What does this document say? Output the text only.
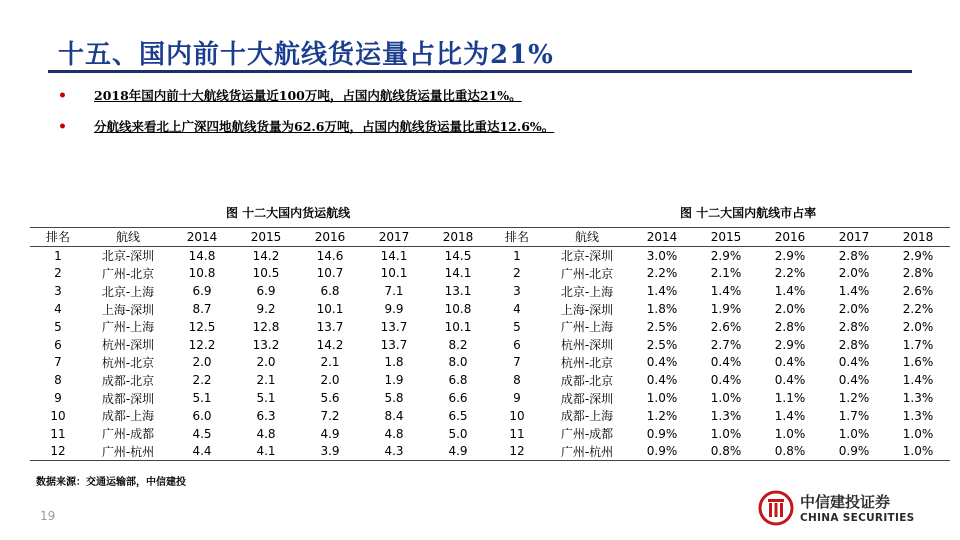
十五、国内前十大航线货运量占比为21%
• 2018年国内前十大航线货运量近100万吨，占国内航线货运量比重达21%。
• 分航线来看北上广深四地航线货量为62.6万吨，占国内航线货运量比重达12.6%。
图 十二大国内货运航线	图 十二大国内航线市占率
排名	航线	2014	2015	2016	2017	2018
1	北京-深圳	14.8	14.2	14.6	14.1	14.5
2	广州-北京	10.8	10.5	10.7	10.1	14.1
3	北京-上海	6.9	6.9	6.8	7.1	13.1
4	上海-深圳	8.7	9.2	10.1	9.9	10.8
5	广州-上海	12.5	12.8	13.7	13.7	10.1
6	杭州-深圳	12.2	13.2	14.2	13.7	8.2
7	杭州-北京	2.0	2.0	2.1	1.8	8.0
8	成都-北京	2.2	2.1	2.0	1.9	6.8
9	成都-深圳	5.1	5.1	5.6	5.8	6.6
10	成都-上海	6.0	6.3	7.2	8.4	6.5
11	广州-成都	4.5	4.8	4.9	4.8	5.0
12	广州-杭州	4.4	4.1	3.9	4.3	4.9
排名	航线	2014	2015	2016	2017	2018
1	北京-深圳	3.0%	2.9%	2.9%	2.8%	2.9%
2	广州-北京	2.2%	2.1%	2.2%	2.0%	2.8%
3	北京-上海	1.4%	1.4%	1.4%	1.4%	2.6%
4	上海-深圳	1.8%	1.9%	2.0%	2.0%	2.2%
5	广州-上海	2.5%	2.6%	2.8%	2.8%	2.0%
6	杭州-深圳	2.5%	2.7%	2.9%	2.8%	1.7%
7	杭州-北京	0.4%	0.4%	0.4%	0.4%	1.6%
8	成都-北京	0.4%	0.4%	0.4%	0.4%	1.4%
9	成都-深圳	1.0%	1.0%	1.1%	1.2%	1.3%
10	成都-上海	1.2%	1.3%	1.4%	1.7%	1.3%
11	广州-成都	0.9%	1.0%	1.0%	1.0%	1.0%
12	广州-杭州	0.9%	0.8%	0.8%	0.9%	1.0%
数据来源：交通运输部，中信建投
19
中信建投证券
CHINA SECURITIES
